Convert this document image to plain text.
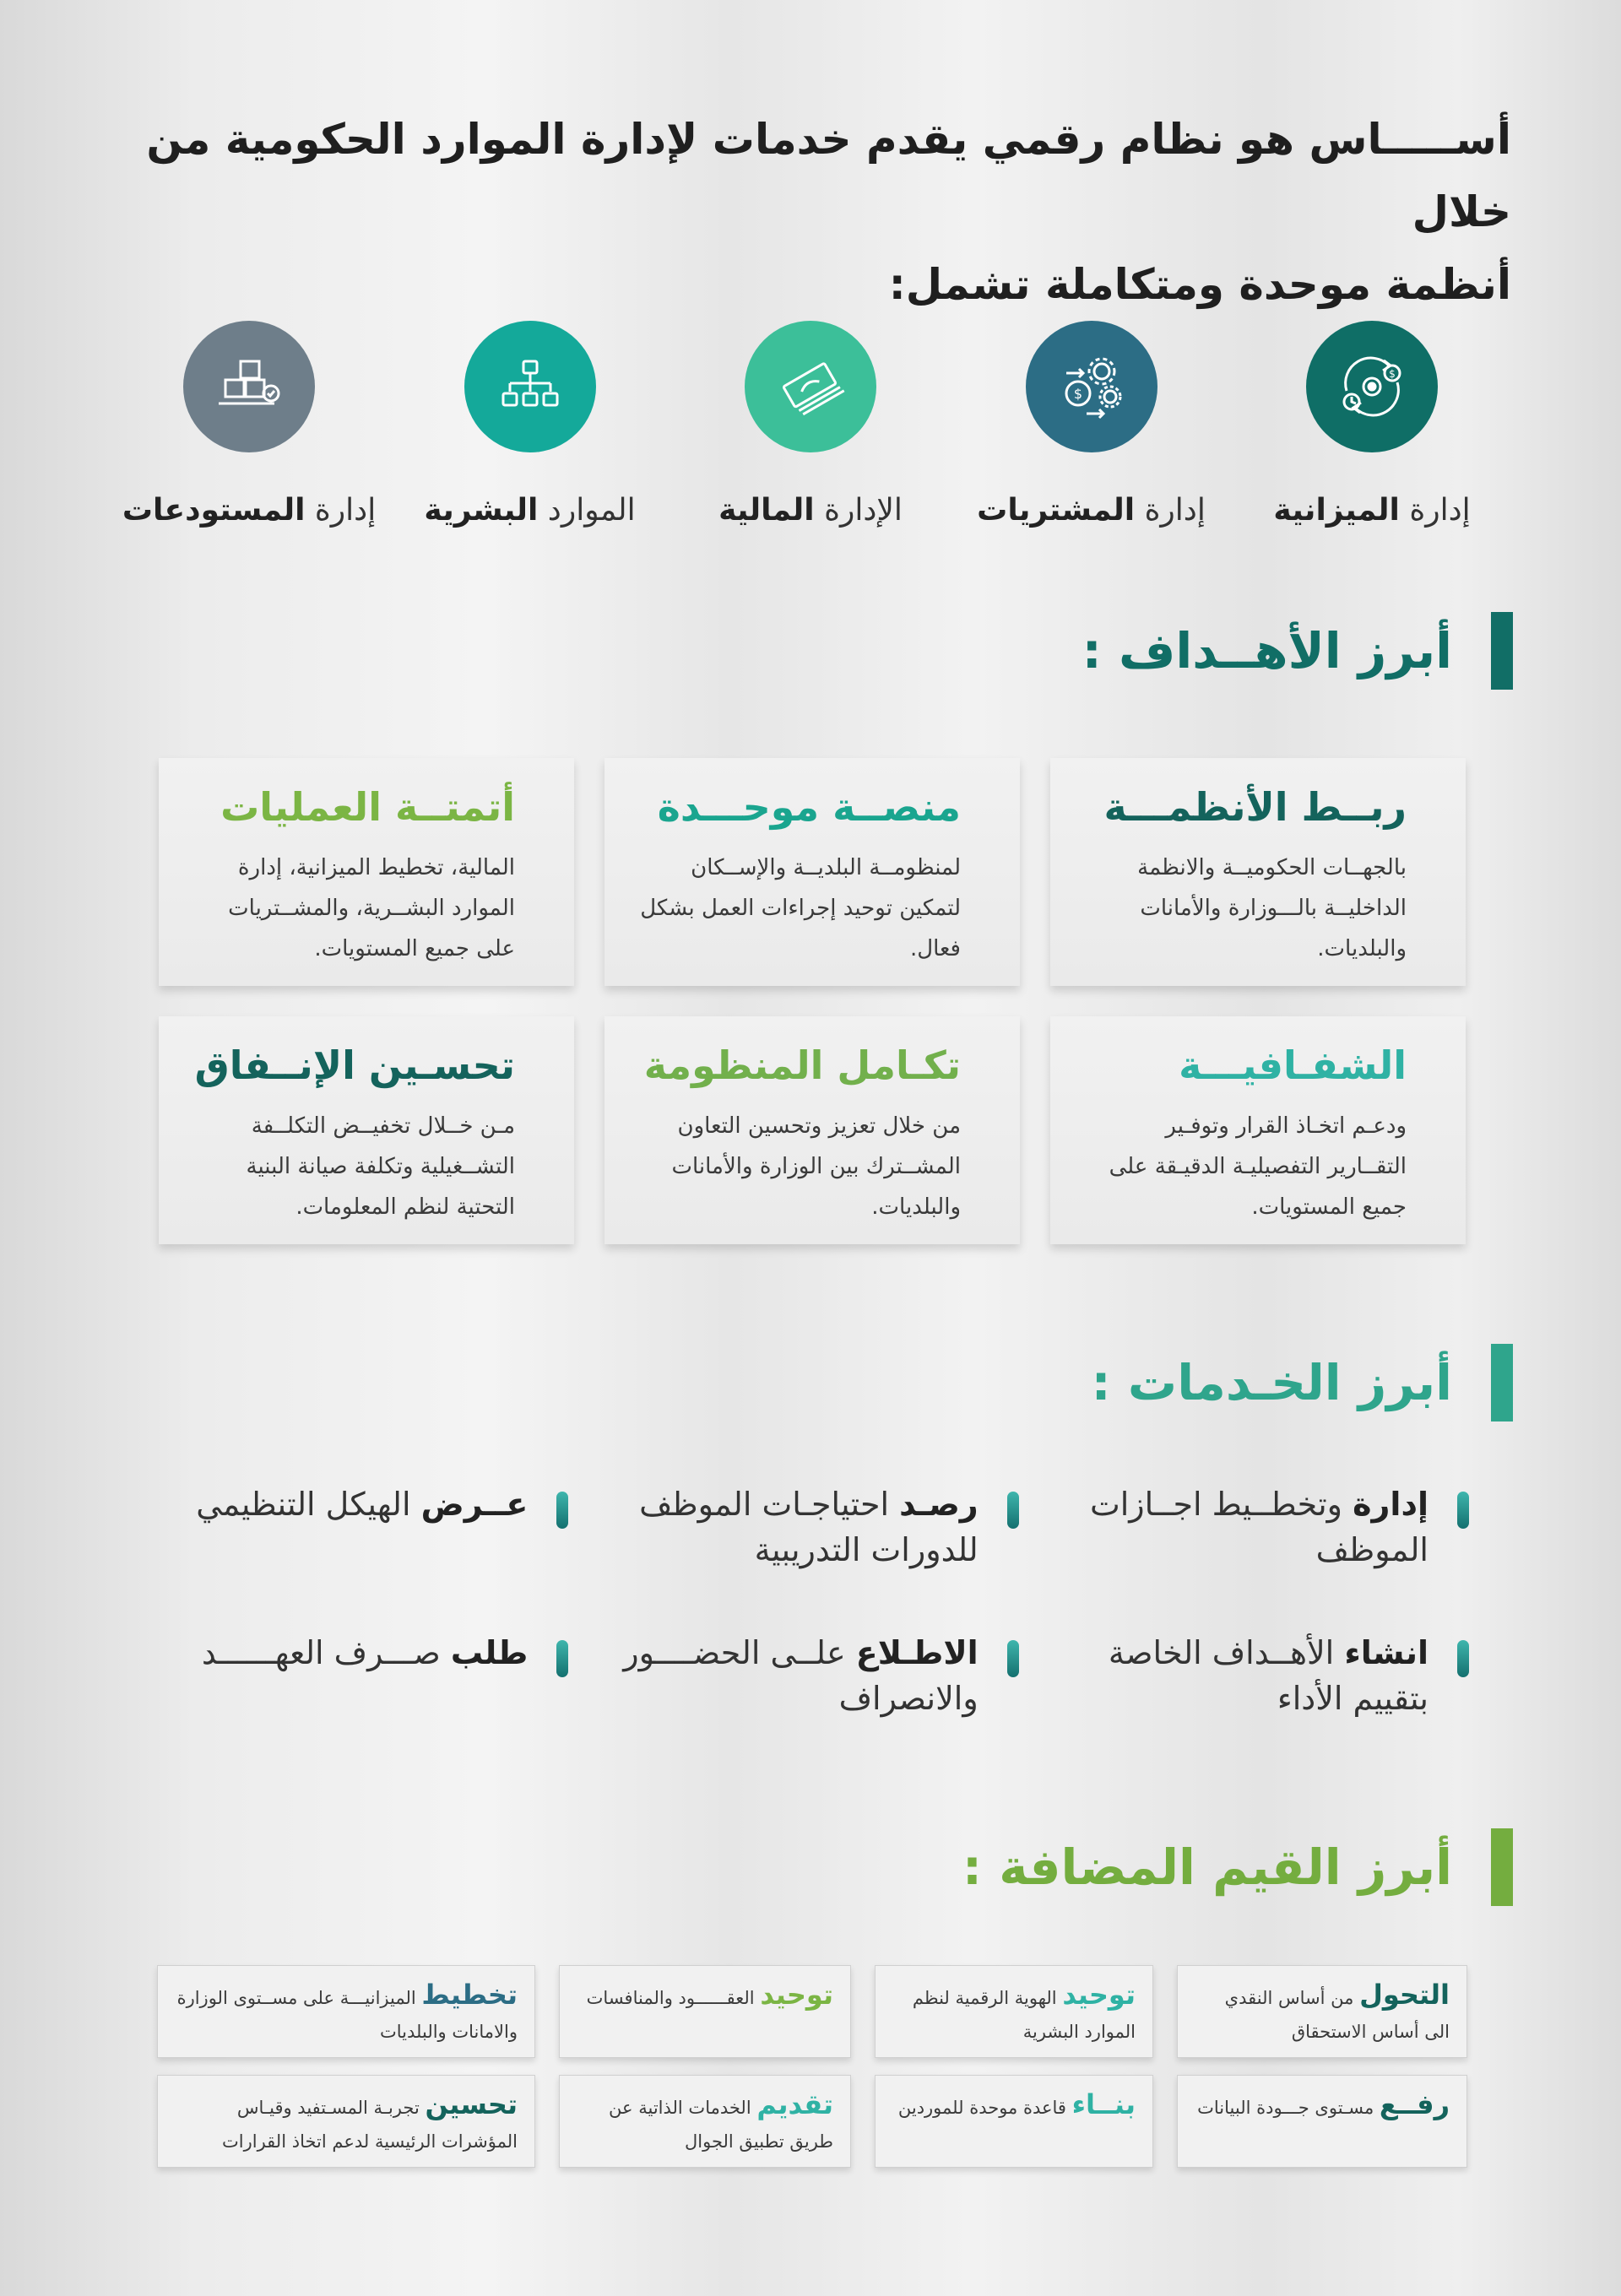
أســـــاس هو نظام رقمي يقدم خدمات لإدارة الموارد الحكومية من خلال
أنظمة موحدة ومتكاملة تشمل:
$
إدارة الميزانية
$
إدارة المشتريات
الإدارة المالية
الموارد البشرية
إدارة المستودعات
أبرز الأهــداف :
ربــط الأنظمـــة
بالجهــات الحكوميــة والانظمة الداخليــة بالـــوزارة والأمانات والبلديات.
منصــة موحـــدة
لمنظومــة البلديــة والإســكان لتمكين توحيد إجراءات العمل بشكل فعال.
أتمتــة العمليات
المالية، تخطيط الميزانية، إدارة الموارد البشــرية، والمشــتريات على جميع المستويات.
الشفـافيـــة
ودعـم اتخـاذ القرار وتوفـير التقــارير التفصيليـة الدقيـقة على جميع المستويات.
تكـامل المنظومة
من خلال تعزيز وتحسين التعاون المشــترك بين الوزارة والأمانات والبلديات.
تحسـين الإنــفاق
مـن خــلال تخفيــض التكلــفة التشــغيلية وتكلفة صيانة البنية التحتية لنظم المعلومات.
أبرز الخـدمات :
إدارة وتخطــيط اجــازات الموظف
رصـد احتياجـات الموظف للدورات التدريبية
عــرض الهيكل التنظيمي
انشاء الأهــداف الخاصة بتقييم الأداء
الاطـلاع علــى الحضــــور والانصراف
طلب صـــرف العهــــــد
أبرز القيم المضافة :
التحول من أساس النقدي الى أساس الاستحقاق
توحيد الهوية الرقمية لنظم الموارد البشرية
توحيد العقــــــود والمنافسات
تخطيط الميزانيـــة على مســتوى الوزارة والامانات والبلديات
رفــع مسـتوى جـــودة البيانات
بنــاء قاعدة موحدة للموردين
تقديم الخدمات الذاتية عن طريق تطبيق الجوال
تحسين تجربـة المسـتفيد وقيـاس المؤشرات الرئيسية لدعم اتخاذ القرارات
